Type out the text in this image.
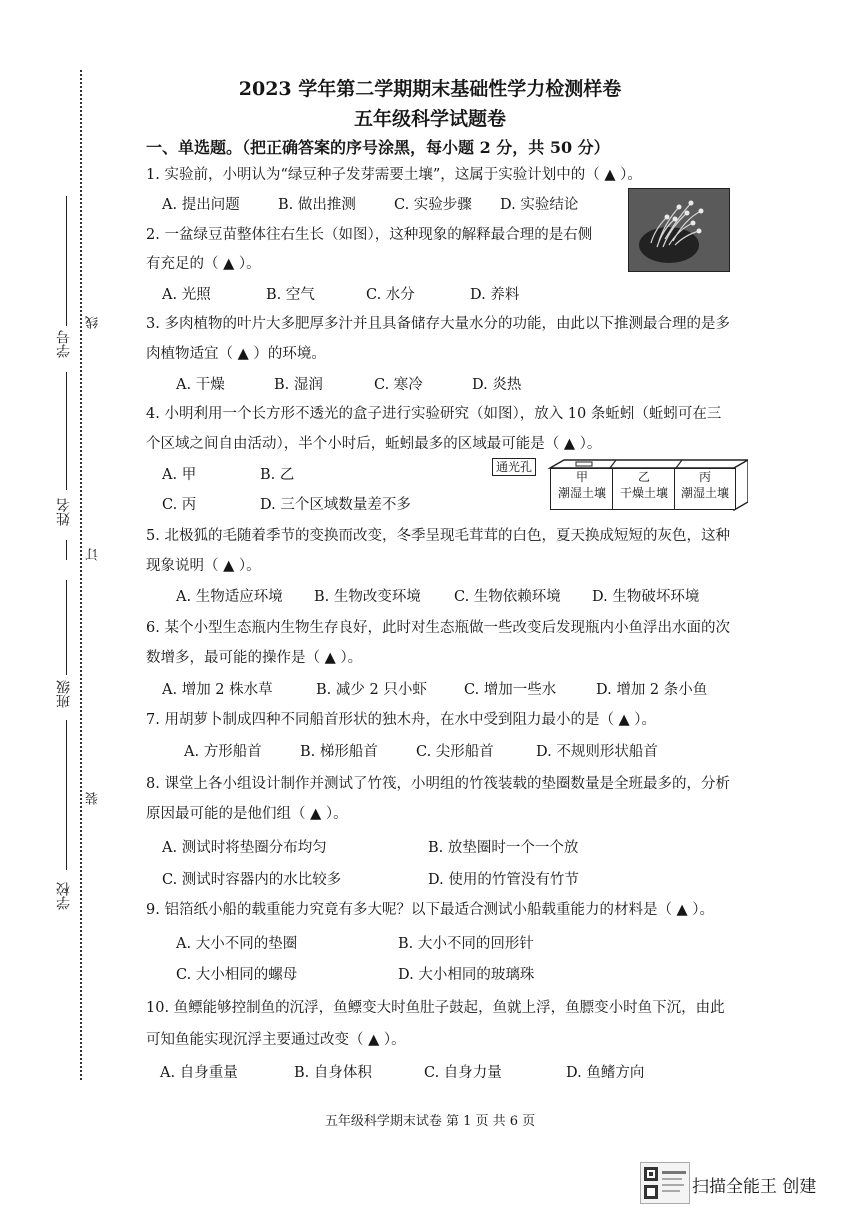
学号
线
姓名
订
班级
装
学校
2023 学年第二学期期末基础性学力检测样卷
五年级科学试题卷
一、单选题。（把正确答案的序号涂黑，每小题 2 分，共 50 分）
1. 实验前，小明认为“绿豆种子发芽需要土壤”，这属于实验计划中的（ ▲ ）。
A. 提出问题	B. 做出推测	C. 实验步骤 D. 实验结论
2. 一盆绿豆苗整体往右生长（如图），这种现象的解释最合理的是右侧
有充足的（ ▲ ）。
A. 光照	B. 空气	C. 水分	D. 养料
3. 多肉植物的叶片大多肥厚多汁并且具备储存大量水分的功能，由此以下推测最合理的是多
肉植物适宜（ ▲ ）的环境。
A. 干燥	B. 湿润	C. 寒冷	D. 炎热
4. 小明利用一个长方形不透光的盒子进行实验研究（如图），放入 10 条蚯蚓（蚯蚓可在三
个区域之间自由活动），半个小时后，蚯蚓最多的区域最可能是（ ▲ ）。
A. 甲	B. 乙
C. 丙	D. 三个区域数量差不多
通光孔
甲
潮湿土壤
乙
干燥土壤
丙
潮湿土壤
5. 北极狐的毛随着季节的变换而改变，冬季呈现毛茸茸的白色，夏天换成短短的灰色，这种
现象说明（ ▲ ）。
A. 生物适应环境 B. 生物改变环境 C. 生物依赖环境 D. 生物破坏环境
6. 某个小型生态瓶内生物生存良好，此时对生态瓶做一些改变后发现瓶内小鱼浮出水面的次
数增多，最可能的操作是（ ▲ ）。
A. 增加 2 株水草	B. 减少 2 只小虾	C. 增加一些水	D. 增加 2 条小鱼
7. 用胡萝卜制成四种不同船首形状的独木舟，在水中受到阻力最小的是（ ▲ ）。
A. 方形船首	B. 梯形船首	C. 尖形船首	D. 不规则形状船首
8. 课堂上各小组设计制作并测试了竹筏，小明组的竹筏装载的垫圈数量是全班最多的，分析
原因最可能的是他们组（ ▲ ）。
A. 测试时将垫圈分布均匀	B. 放垫圈时一个一个放
C. 测试时容器内的水比较多	D. 使用的竹管没有竹节
9. 铝箔纸小船的载重能力究竟有多大呢？以下最适合测试小船载重能力的材料是（ ▲ ）。
A. 大小不同的垫圈	B. 大小不同的回形针
C. 大小相同的螺母	D. 大小相同的玻璃珠
10. 鱼鳔能够控制鱼的沉浮，鱼鳔变大时鱼肚子鼓起，鱼就上浮，鱼膘变小时鱼下沉，由此
可知鱼能实现沉浮主要通过改变（ ▲ ）。
A. 自身重量	B. 自身体积	C. 自身力量	D. 鱼鳍方向
五年级科学期末试卷 第 1 页 共 6 页
扫描全能王 创建
